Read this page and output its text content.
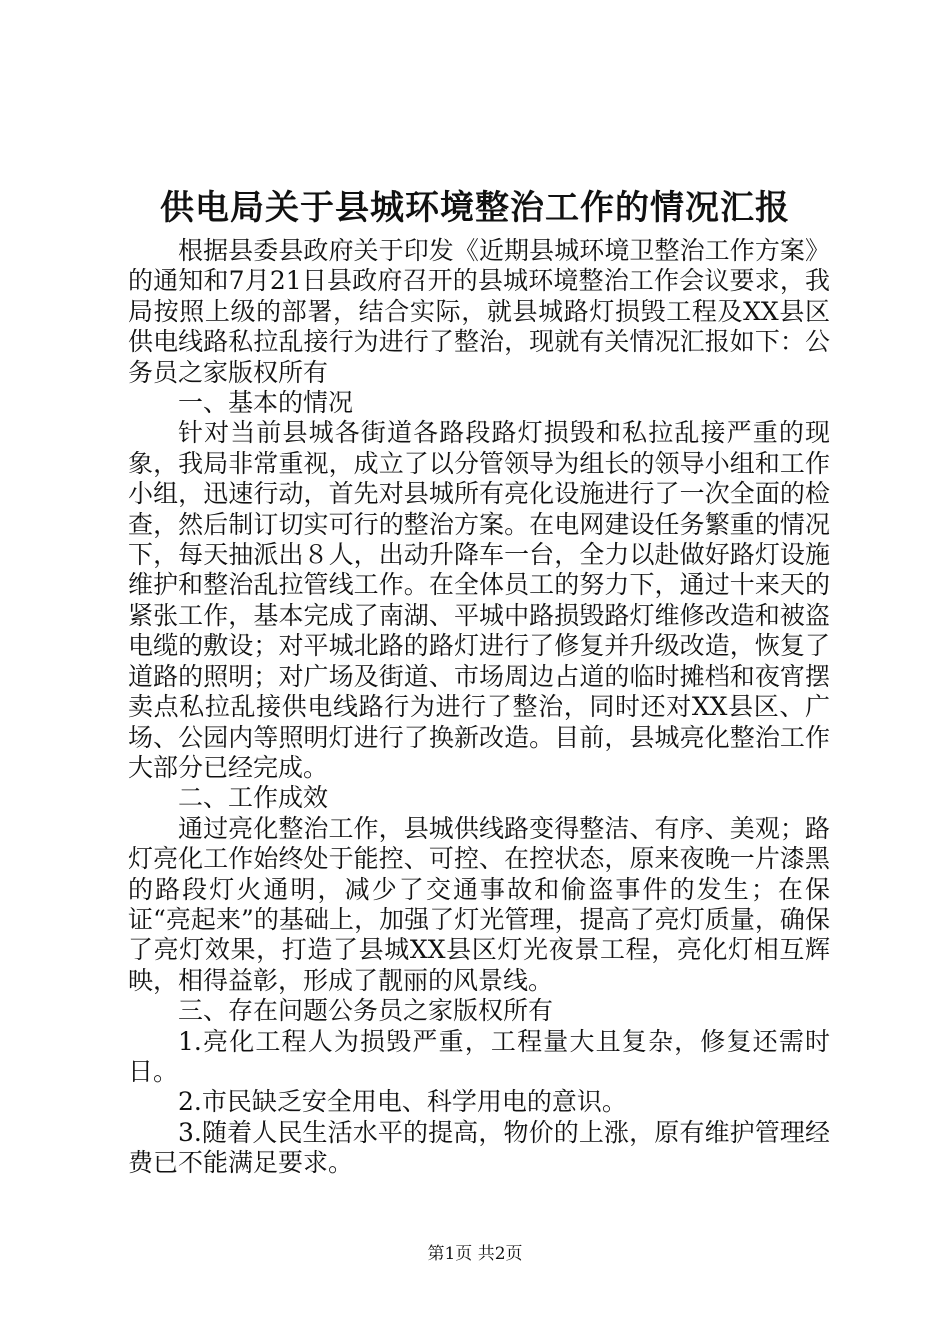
供电局关于县城环境整治工作的情况汇报

根据县委县政府关于印发《近期县城环境卫整治工作方案》的通知和7月21日县政府召开的县城环境整治工作会议要求，我局按照上级的部署，结合实际，就县城路灯损毁工程及XX县区供电线路私拉乱接行为进行了整治，现就有关情况汇报如下：公务员之家版权所有

一、基本的情况

针对当前县城各街道各路段路灯损毁和私拉乱接严重的现象，我局非常重视，成立了以分管领导为组长的领导小组和工作小组，迅速行动，首先对县城所有亮化设施进行了一次全面的检查，然后制订切实可行的整治方案。在电网建设任务繁重的情况下，每天抽派出８人，出动升降车一台，全力以赴做好路灯设施维护和整治乱拉管线工作。在全体员工的努力下，通过十来天的紧张工作，基本完成了南湖、平城中路损毁路灯维修改造和被盗电缆的敷设；对平城北路的路灯进行了修复并升级改造，恢复了道路的照明；对广场及街道、市场周边占道的临时摊档和夜宵摆卖点私拉乱接供电线路行为进行了整治，同时还对XX县区、广场、公园内等照明灯进行了换新改造。目前，县城亮化整治工作大部分已经完成。

二、工作成效

通过亮化整治工作，县城供线路变得整洁、有序、美观；路灯亮化工作始终处于能控、可控、在控状态，原来夜晚一片漆黑的路段灯火通明，减少了交通事故和偷盗事件的发生；在保证“亮起来”的基础上，加强了灯光管理，提高了亮灯质量，确保了亮灯效果，打造了县城XX县区灯光夜景工程，亮化灯相互辉映，相得益彰，形成了靓丽的风景线。

三、存在问题公务员之家版权所有

1.亮化工程人为损毁严重，工程量大且复杂，修复还需时日。

2.市民缺乏安全用电、科学用电的意识。

3.随着人民生活水平的提高，物价的上涨，原有维护管理经费已不能满足要求。

第1页 共2页
